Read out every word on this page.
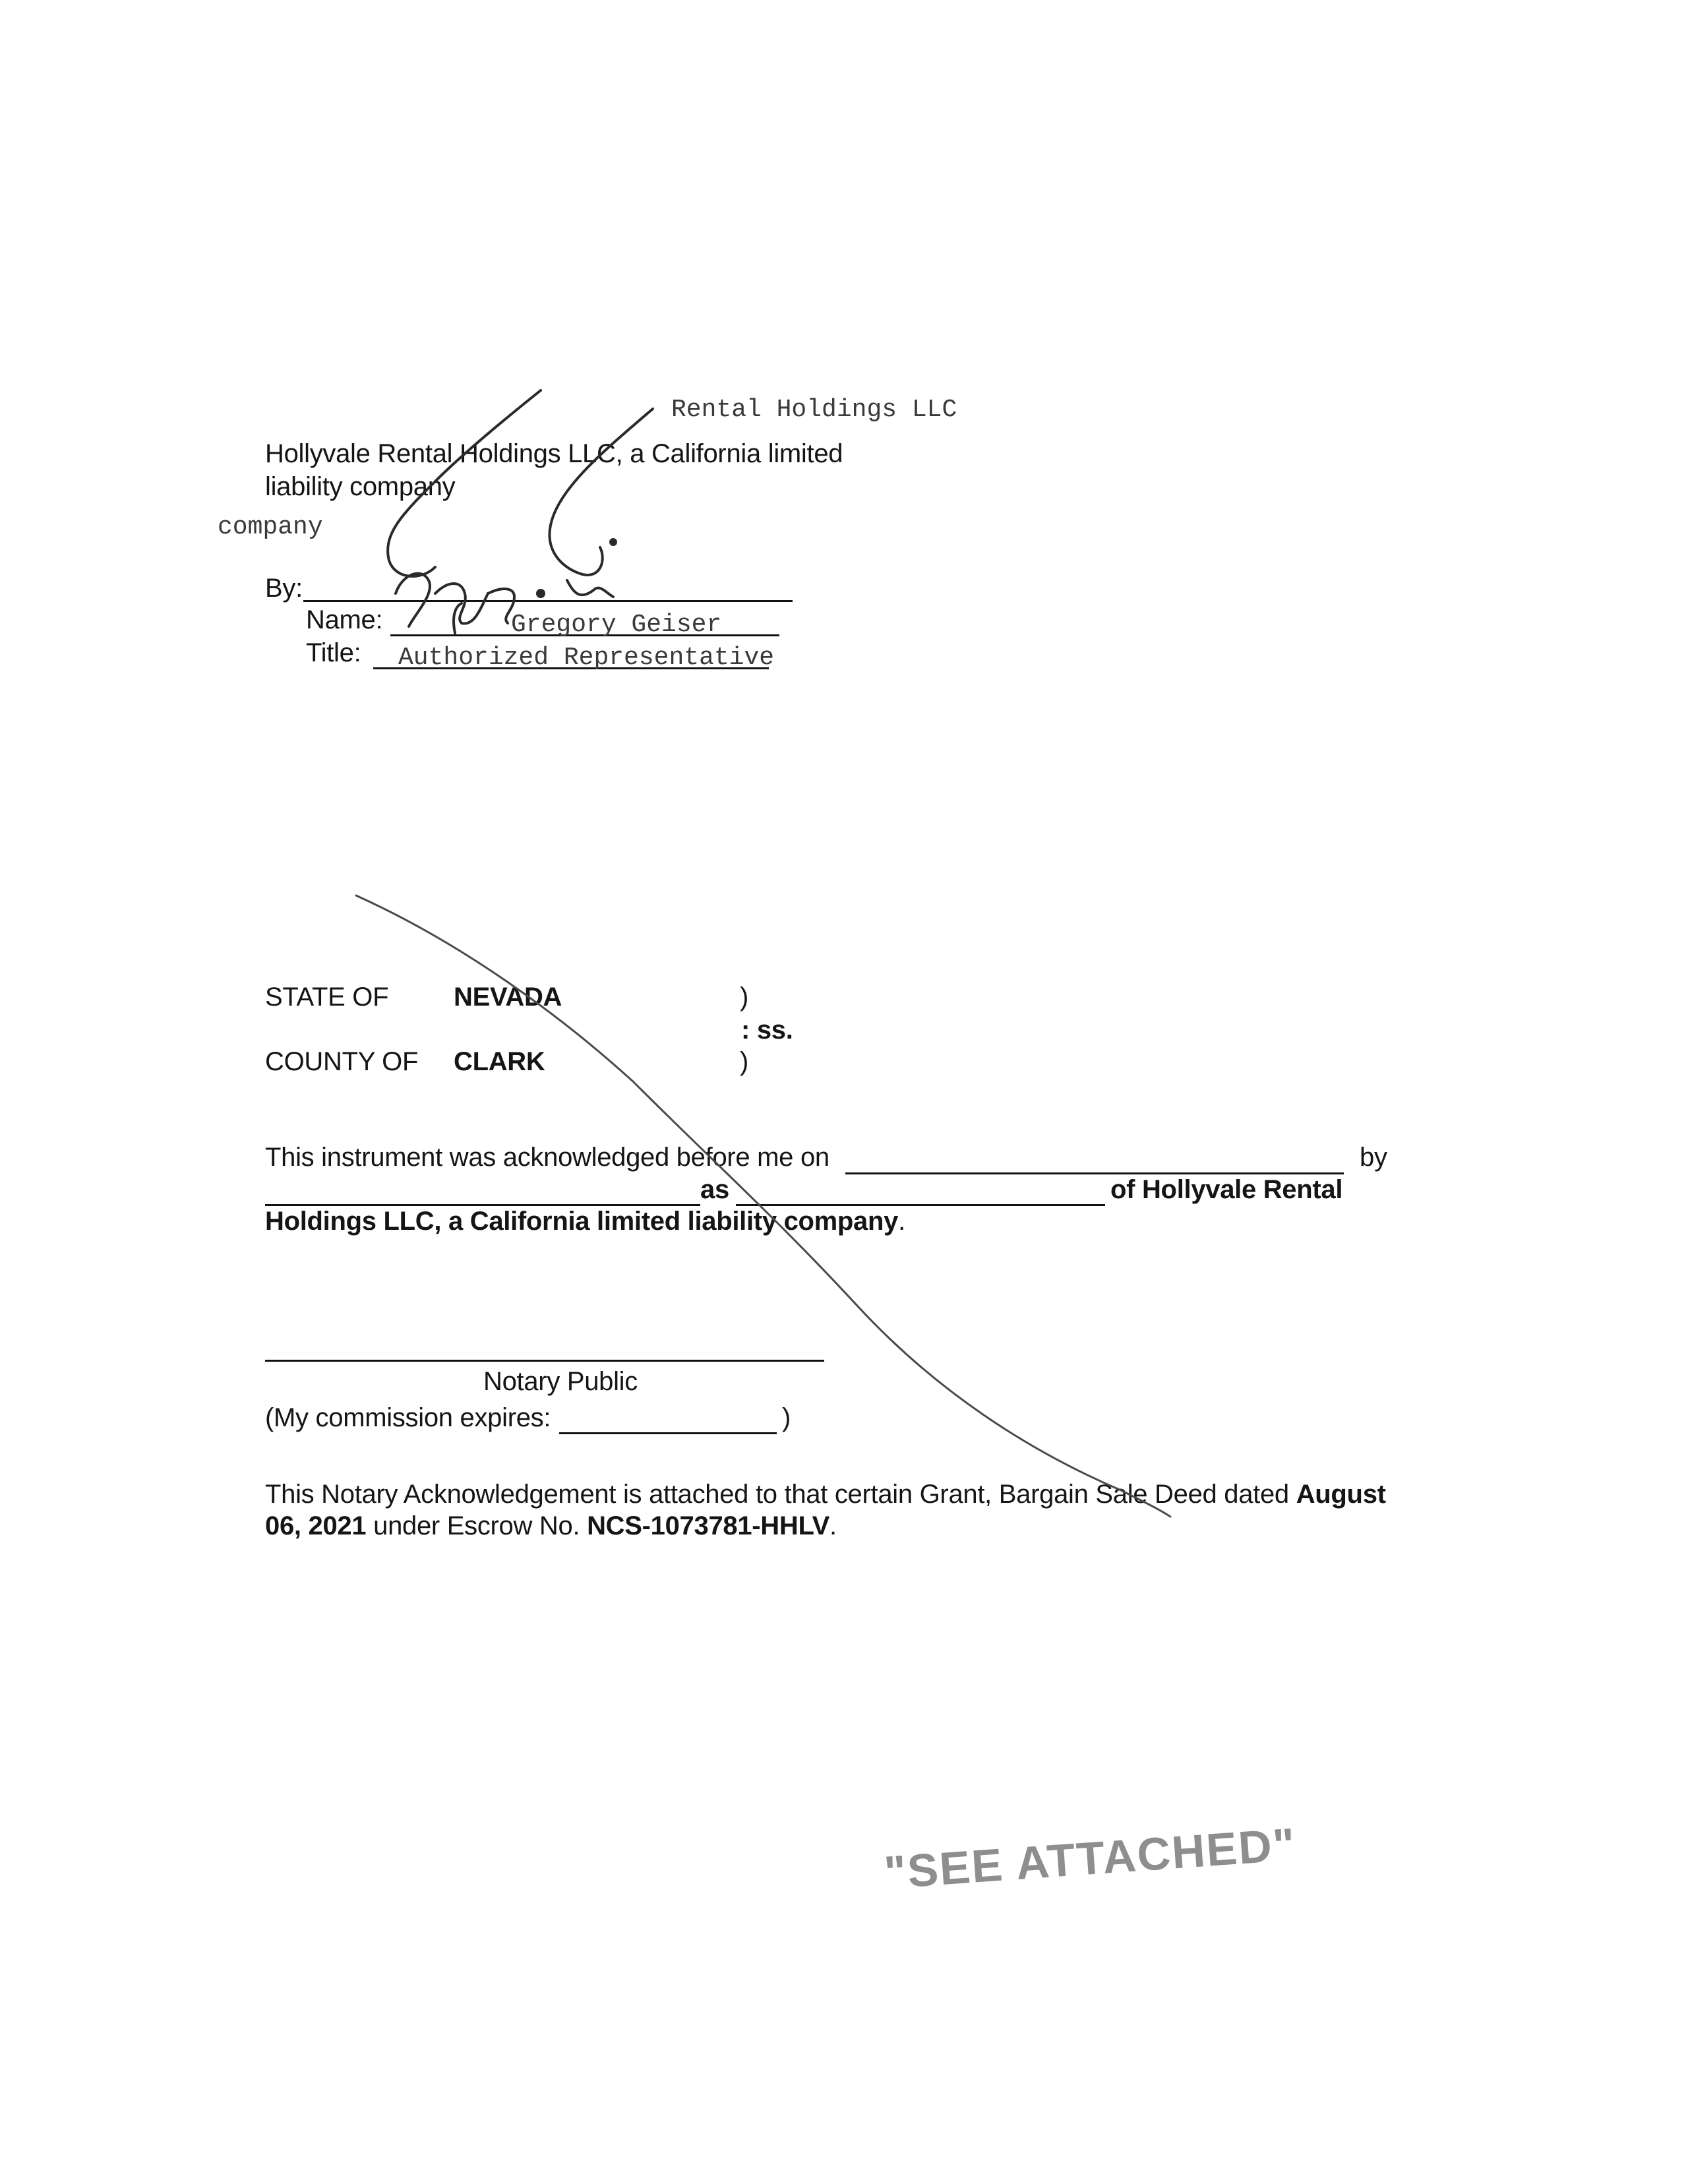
Rental Holdings LLC
Hollyvale Rental Holdings LLC, a California limited
liability company
company
By:
Name:	Gregory Geiser
Title: Authorized Representative
STATE OF NEVADA	)
: ss.
COUNTY OF CLARK	)
This instrument was acknowledged before me on	by
as	of Hollyvale Rental
Holdings LLC, a California limited liability company.
Notary Public
(My commission expires:	)
This Notary Acknowledgement is attached to that certain Grant, Bargain Sale Deed dated August
06, 2021 under Escrow No. NCS-1073781-HHLV.
"SEE ATTACHED"
